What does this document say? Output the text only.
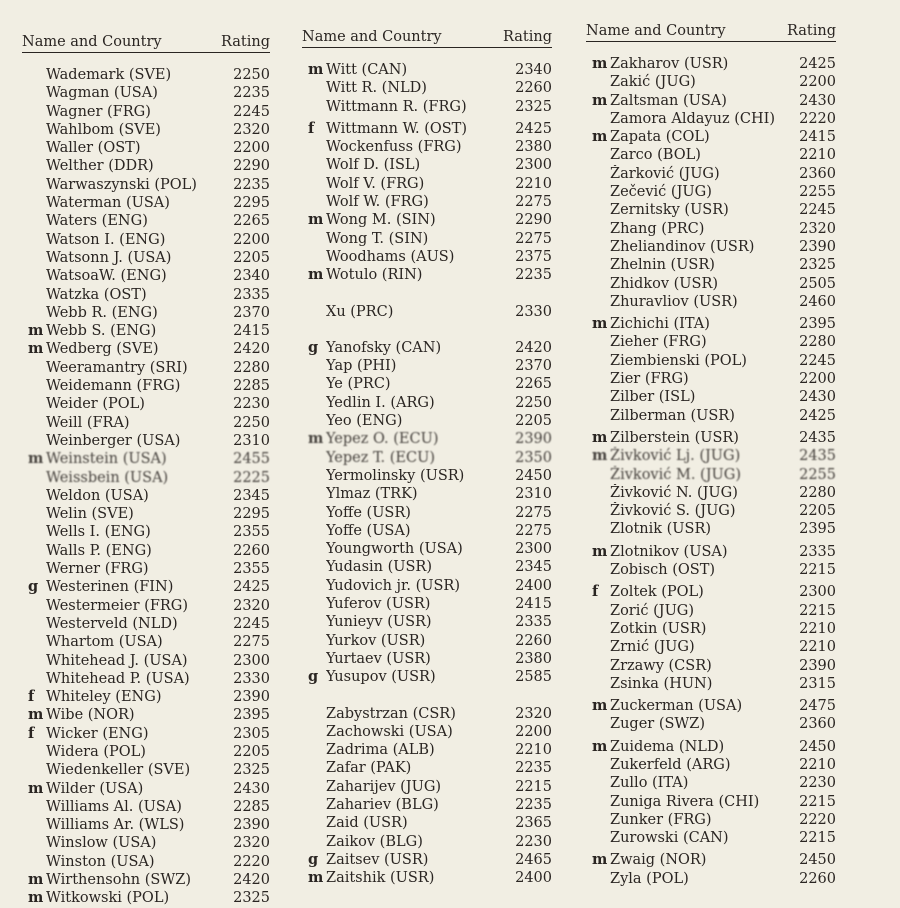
Name and Country	Rating
Wademark (SVE)	2250
Wagman (USA)	2235
Wagner (FRG)	2245
Wahlbom (SVE)	2320
Waller (OST)	2200
Welther (DDR)	2290
Warwaszynski (POL)	2235
Waterman (USA)	2295
Waters (ENG)	2265
Watson I. (ENG)	2200
Watsonn J. (USA)	2205
WatsoaW. (ENG)	2340
Watzka (OST)	2335
Webb R. (ENG)	2370
m Webb S. (ENG)	2415
m Wedberg (SVE)	2420
Weeramantry (SRI)	2280
Weidemann (FRG)	2285
Weider (POL)	2230
Weill (FRA)	2250
Weinberger (USA)	2310
m Weinstein (USA)	2455
Weissbein (USA)	2225
Weldon (USA)	2345
Welin (SVE)	2295
Wells I. (ENG)	2355
Walls P. (ENG)	2260
Werner (FRG)	2355
g Westerinen (FIN)	2425
Westermeier (FRG)	2320
Westerveld (NLD)	2245
Whartom (USA)	2275
Whitehead J. (USA)	2300
Whitehead P. (USA)	2330
f Whiteley (ENG)	2390
m Wibe (NOR)	2395
f Wicker (ENG)	2305
Widera (POL)	2205
Wiedenkeller (SVE)	2325
m Wilder (USA)	2430
Williams Al. (USA)	2285
Williams Ar. (WLS)	2390
Winslow (USA)	2320
Winston (USA)	2220
m Wirthensohn (SWZ)	2420
m Witkowski (POL)	2325
Name and Country	Rating
m Witt (CAN)	2340
Witt R. (NLD)	2260
Wittmann R. (FRG)	2325
f Wittmann W. (OST)	2425
Wockenfuss (FRG)	2380
Wolf D. (ISL)	2300
Wolf V. (FRG)	2210
Wolf W. (FRG)	2275
m Wong M. (SIN)	2290
Wong T. (SIN)	2275
Woodhams (AUS)	2375
m Wotulo (RIN)	2235
Xu (PRC)	2330
g Yanofsky (CAN)	2420
Yap (PHI)	2370
Ye (PRC)	2265
Yedlin I. (ARG)	2250
Yeo (ENG)	2205
m Yepez O. (ECU)	2390
Yepez T. (ECU)	2350
Yermolinsky (USR)	2450
Ylmaz (TRK)	2310
Yoffe (USR)	2275
Yoffe (USA)	2275
Youngworth (USA)	2300
Yudasin (USR)	2345
Yudovich jr. (USR)	2400
Yuferov (USR)	2415
Yunieyv (USR)	2335
Yurkov (USR)	2260
Yurtaev (USR)	2380
g Yusupov (USR)	2585
Zabystrzan (CSR)	2320
Zachowski (USA)	2200
Zadrima (ALB)	2210
Zafar (PAK)	2235
Zaharijev (JUG)	2215
Zahariev (BLG)	2235
Zaid (USR)	2365
Zaikov (BLG)	2230
g Zaitsev (USR)	2465
m Zaitshik (USR)	2400
Name and Country	Rating
m Zakharov (USR)	2425
Zakić (JUG)	2200
m Zaltsman (USA)	2430
Zamora Aldayuz (CHI)	2220
m Zapata (COL)	2415
Zarco (BOL)	2210
Žarković (JUG)	2360
Zečević (JUG)	2255
Zernitsky (USR)	2245
Zhang (PRC)	2320
Zheliandinov (USR)	2390
Zhelnin (USR)	2325
Zhidkov (USR)	2505
Zhuravliov (USR)	2460
m Zichichi (ITA)	2395
Zieher (FRG)	2280
Ziembienski (POL)	2245
Zier (FRG)	2200
Zilber (ISL)	2430
Zilberman (USR)	2425
m Zilberstein (USR)	2435
m Živković Lj. (JUG)	2435
Živković M. (JUG)	2255
Živković N. (JUG)	2280
Živković S. (JUG)	2205
Zlotnik (USR)	2395
m Zlotnikov (USA)	2335
Zobisch (OST)	2215
f Zoltek (POL)	2300
Zorić (JUG)	2215
Zotkin (USR)	2210
Zrnić (JUG)	2210
Zrzawy (CSR)	2390
Zsinka (HUN)	2315
m Zuckerman (USA)	2475
Zuger (SWZ)	2360
m Zuidema (NLD)	2450
Zukerfeld (ARG)	2210
Zullo (ITA)	2230
Zuniga Rivera (CHI)	2215
Zunker (FRG)	2220
Zurowski (CAN)	2215
m Zwaig (NOR)	2450
Zyla (POL)	2260
